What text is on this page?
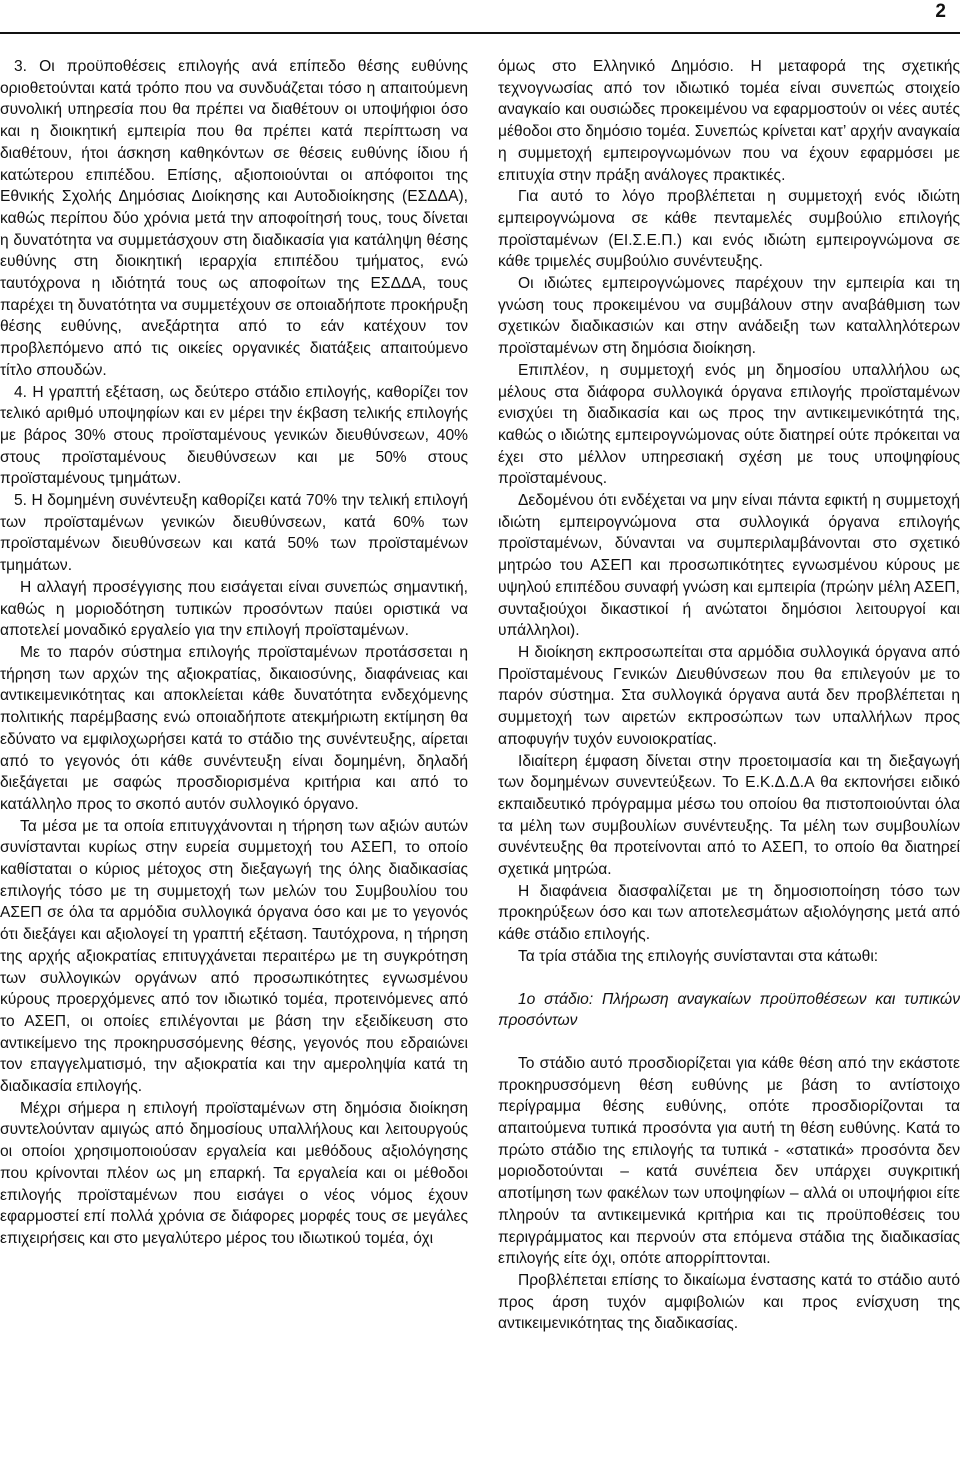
2

3. Οι προϋποθέσεις επιλογής ανά επίπεδο θέσης ευθύνης οριοθετούνται κατά τρόπο που να συνδυάζεται τόσο η απαιτούμενη συνολική υπηρεσία που θα πρέπει να διαθέτουν οι υποψήφιοι όσο και η διοικητική εμπειρία που θα πρέπει κατά περίπτωση να διαθέτουν, ήτοι άσκηση καθηκόντων σε θέσεις ευθύνης ίδιου ή κατώτερου επιπέδου. Επίσης, αξιοποιούνται οι απόφοιτοι της Εθνικής Σχολής Δημόσιας Διοίκησης και Αυτοδιοίκησης (ΕΣΔΔΑ), καθώς περίπου δύο χρόνια μετά την αποφοίτησή τους, τους δίνεται η δυνατότητα να συμμετάσχουν στη διαδικασία για κατάληψη θέσης ευθύνης στη διοικητική ιεραρχία επιπέδου τμήματος, ενώ ταυτόχρονα η ιδιότητά τους ως αποφοίτων της ΕΣΔΔΑ, τους παρέχει τη δυνατότητα να συμμετέχουν σε οποιαδήποτε προκήρυξη θέσης ευθύνης, ανεξάρτητα από το εάν κατέχουν τον προβλεπόμενο από τις οικείες οργανικές διατάξεις απαιτούμενο τίτλο σπουδών.

4. Η γραπτή εξέταση, ως δεύτερο στάδιο επιλογής, καθορίζει τον τελικό αριθμό υποψηφίων και εν μέρει την έκβαση τελικής επιλογής με βάρος 30% στους προϊσταμένους γενικών διευθύνσεων, 40% στους προϊσταμένους διευθύνσεων και με 50% στους προϊσταμένους τμημάτων.

5. Η δομημένη συνέντευξη καθορίζει κατά 70% την τελική επιλογή των προϊσταμένων γενικών διευθύνσεων, κατά 60% των προϊσταμένων διευθύνσεων και κατά 50% των προϊσταμένων τμημάτων.

Η αλλαγή προσέγγισης που εισάγεται είναι συνεπώς σημαντική, καθώς η μοριοδότηση τυπικών προσόντων παύει οριστικά να αποτελεί μοναδικό εργαλείο για την επιλογή προϊσταμένων.

Με το παρόν σύστημα επιλογής προϊσταμένων προτάσσεται η τήρηση των αρχών της αξιοκρατίας, δικαιοσύνης, διαφάνειας και αντικειμενικότητας και αποκλείεται κάθε δυνατότητα ενδεχόμενης πολιτικής παρέμβασης ενώ οποιαδήποτε ατεκμήριωτη εκτίμηση θα εδύνατο να εμφιλοχωρήσει κατά το στάδιο της συνέντευξης, αίρεται από το γεγονός ότι κάθε συνέντευξη είναι δομημένη, δηλαδή διεξάγεται με σαφώς προσδιορισμένα κριτήρια και από το κατάλληλο προς το σκοπό αυτόν συλλογικό όργανο.

Τα μέσα με τα οποία επιτυγχάνονται η τήρηση των αξιών αυτών συνίστανται κυρίως στην ευρεία συμμετοχή του ΑΣΕΠ, το οποίο καθίσταται ο κύριος μέτοχος στη διεξαγωγή της όλης διαδικασίας επιλογής τόσο με τη συμμετοχή των μελών του Συμβουλίου του ΑΣΕΠ σε όλα τα αρμόδια συλλογικά όργανα όσο και με το γεγονός ότι διεξάγει και αξιολογεί τη γραπτή εξέταση. Ταυτόχρονα, η τήρηση της αρχής αξιοκρατίας επιτυγχάνεται περαιτέρω με τη συγκρότηση των συλλογικών οργάνων από προσωπικότητες εγνωσμένου κύρους προερχόμενες από τον ιδιωτικό τομέα, προτεινόμενες από το ΑΣΕΠ, οι οποίες επιλέγονται με βάση την εξειδίκευση στο αντικείμενο της προκηρυσσόμενης θέσης, γεγονός που εδραιώνει τον επαγγελματισμό, την αξιοκρατία και την αμεροληψία κατά τη διαδικασία επιλογής.

Μέχρι σήμερα η επιλογή προϊσταμένων στη δημόσια διοίκηση συντελούνταν αμιγώς από δημοσίους υπαλλήλους και λειτουργούς οι οποίοι χρησιμοποιούσαν εργαλεία και μεθόδους αξιολόγησης που κρίνονται πλέον ως μη επαρκή. Τα εργαλεία και οι μέθοδοι επιλογής προϊσταμένων που εισάγει ο νέος νόμος έχουν εφαρμοστεί επί πολλά χρόνια σε διάφορες μορφές τους σε μεγάλες επιχειρήσεις και στο μεγαλύτερο μέρος του ιδιωτικού τομέα, όχι

όμως στο Ελληνικό Δημόσιο. Η μεταφορά της σχετικής τεχνογνωσίας από τον ιδιωτικό τομέα είναι συνεπώς στοιχείο αναγκαίο και ουσιώδες προκειμένου να εφαρμοστούν οι νέες αυτές μέθοδοι στο δημόσιο τομέα. Συνεπώς κρίνεται κατ’ αρχήν αναγκαία η συμμετοχή εμπειρογνωμόνων που να έχουν εφαρμόσει με επιτυχία στην πράξη ανάλογες πρακτικές.

Για αυτό το λόγο προβλέπεται η συμμετοχή ενός ιδιώτη εμπειρογνώμονα σε κάθε πενταμελές συμβούλιο επιλογής προϊσταμένων (ΕΙ.Σ.Ε.Π.) και ενός ιδιώτη εμπειρογνώμονα σε κάθε τριμελές συμβούλιο συνέντευξης.

Οι ιδιώτες εμπειρογνώμονες παρέχουν την εμπειρία και τη γνώση τους προκειμένου να συμβάλουν στην αναβάθμιση των σχετικών διαδικασιών και στην ανάδειξη των καταλληλότερων προϊσταμένων στη δημόσια διοίκηση.

Επιπλέον, η συμμετοχή ενός μη δημοσίου υπαλλήλου ως μέλους στα διάφορα συλλογικά όργανα επιλογής προϊσταμένων ενισχύει τη διαδικασία και ως προς την αντικειμενικότητά της, καθώς ο ιδιώτης εμπειρογνώμονας ούτε διατηρεί ούτε πρόκειται να έχει στο μέλλον υπηρεσιακή σχέση με τους υποψηφίους προϊσταμένους.

Δεδομένου ότι ενδέχεται να μην είναι πάντα εφικτή η συμμετοχή ιδιώτη εμπειρογνώμονα στα συλλογικά όργανα επιλογής προϊσταμένων, δύνανται να συμπεριλαμβάνονται στο σχετικό μητρώο του ΑΣΕΠ και προσωπικότητες εγνωσμένου κύρους με υψηλού επιπέδου συναφή γνώση και εμπειρία (πρώην μέλη ΑΣΕΠ, συνταξιούχοι δικαστικοί ή ανώτατοι δημόσιοι λειτουργοί και υπάλληλοι).

Η διοίκηση εκπροσωπείται στα αρμόδια συλλογικά όργανα από Προϊσταμένους Γενικών Διευθύνσεων που θα επιλεγούν με το παρόν σύστημα. Στα συλλογικά όργανα αυτά δεν προβλέπεται η συμμετοχή των αιρετών εκπροσώπων των υπαλλήλων προς αποφυγήν τυχόν ευνοιοκρατίας.

Ιδιαίτερη έμφαση δίνεται στην προετοιμασία και τη διεξαγωγή των δομημένων συνεντεύξεων. Το Ε.Κ.Δ.Δ.Α θα εκπονήσει ειδικό εκπαιδευτικό πρόγραμμα μέσω του οποίου θα πιστοποιούνται όλα τα μέλη των συμβουλίων συνέντευξης. Τα μέλη των συμβουλίων συνέντευξης θα προτείνονται από το ΑΣΕΠ, το οποίο θα διατηρεί σχετικά μητρώα.

Η διαφάνεια διασφαλίζεται με τη δημοσιοποίηση τόσο των προκηρύξεων όσο και των αποτελεσμάτων αξιολόγησης μετά από κάθε στάδιο επιλογής.

Τα τρία στάδια της επιλογής συνίστανται στα κάτωθι:

1ο στάδιο: Πλήρωση αναγκαίων προϋποθέσεων και τυπικών προσόντων

Το στάδιο αυτό προσδιορίζεται για κάθε θέση από την εκάστοτε προκηρυσσόμενη θέση ευθύνης με βάση το αντίστοιχο περίγραμμα θέσης ευθύνης, οπότε προσδιορίζονται τα απαιτούμενα τυπικά προσόντα για αυτή τη θέση ευθύνης. Κατά το πρώτο στάδιο της επιλογής τα τυπικά - «στατικά» προσόντα δεν μοριοδοτούνται – κατά συνέπεια δεν υπάρχει συγκριτική αποτίμηση των φακέλων των υποψηφίων – αλλά οι υποψήφιοι είτε πληρούν τα αντικειμενικά κριτήρια και τις προϋποθέσεις του περιγράμματος και περνούν στα επόμενα στάδια της διαδικασίας επιλογής είτε όχι, οπότε απορρίπτονται.

Προβλέπεται επίσης το δικαίωμα ένστασης κατά το στάδιο αυτό προς άρση τυχόν αμφιβολιών και προς ενίσχυση της αντικειμενικότητας της διαδικασίας.
